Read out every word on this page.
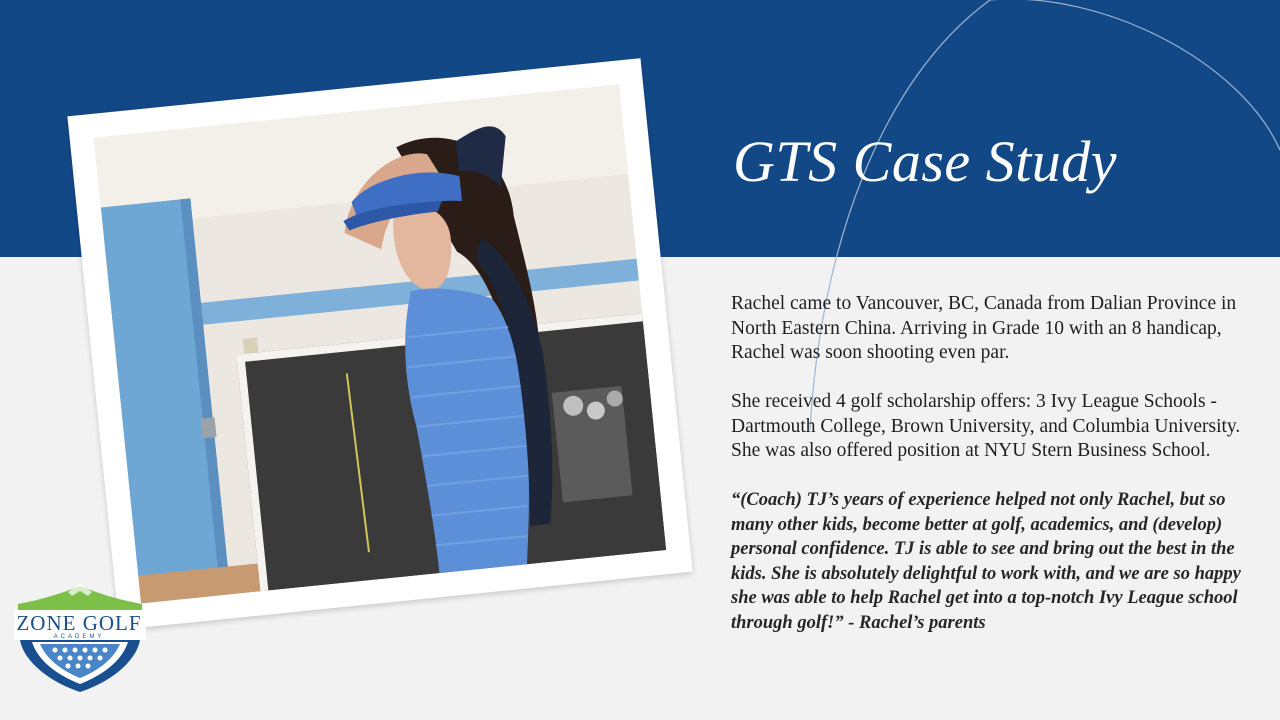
GTS Case Study

Rachel came to Vancouver, BC, Canada from Dalian Province in North Eastern China. Arriving in Grade 10 with an 8 handicap, Rachel was soon shooting even par.

She received 4 golf scholarship offers: 3 Ivy League Schools - Dartmouth College, Brown University, and Columbia University. She was also offered position at NYU Stern Business School.

“(Coach) TJ’s years of experience helped not only Rachel, but so many other kids, become better at golf, academics, and (develop) personal confidence. TJ is able to see and bring out the best in the kids. She is absolutely delightful to work with, and we are so happy she was able to help Rachel get into a top-notch Ivy League school through golf!” - Rachel’s parents

ZONE GOLF
ACADEMY
